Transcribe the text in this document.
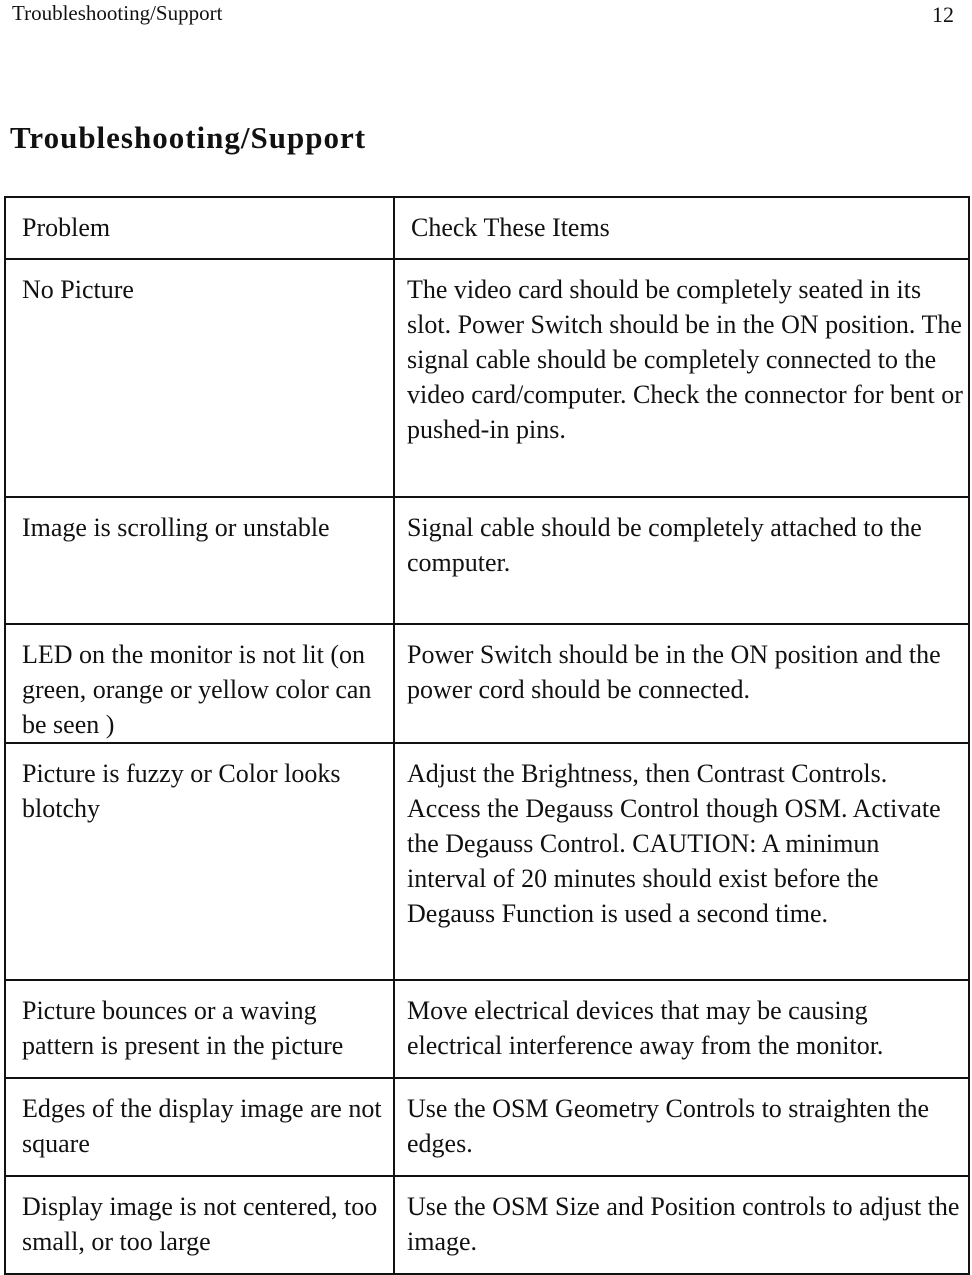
Troubleshooting/Support	12
Troubleshooting/Support
Problem	Check These Items

No Picture	The video card should be completely seated in its slot. Power Switch should be in the ON position. The signal cable should be completely connected to the video card/computer. Check the connector for bent or pushed-in pins.

Image is scrolling or unstable	Signal cable should be completely attached to the computer.

LED on the monitor is not lit (on green, orange or yellow color can be seen )	Power Switch should be in the ON position and the power cord should be connected.

Picture is fuzzy or Color looks blotchy	Adjust the Brightness, then Contrast Controls. Access the Degauss Control though OSM. Activate the Degauss Control. CAUTION: A minimun interval of 20 minutes should exist before the Degauss Function is used a second time.

Picture bounces or a waving pattern is present in the picture	Move electrical devices that may be causing electrical interference away from the monitor.

Edges of the display image are not square	Use the OSM Geometry Controls to straighten the edges.

Display image is not centered, too small, or too large	Use the OSM Size and Position controls to adjust the image.
